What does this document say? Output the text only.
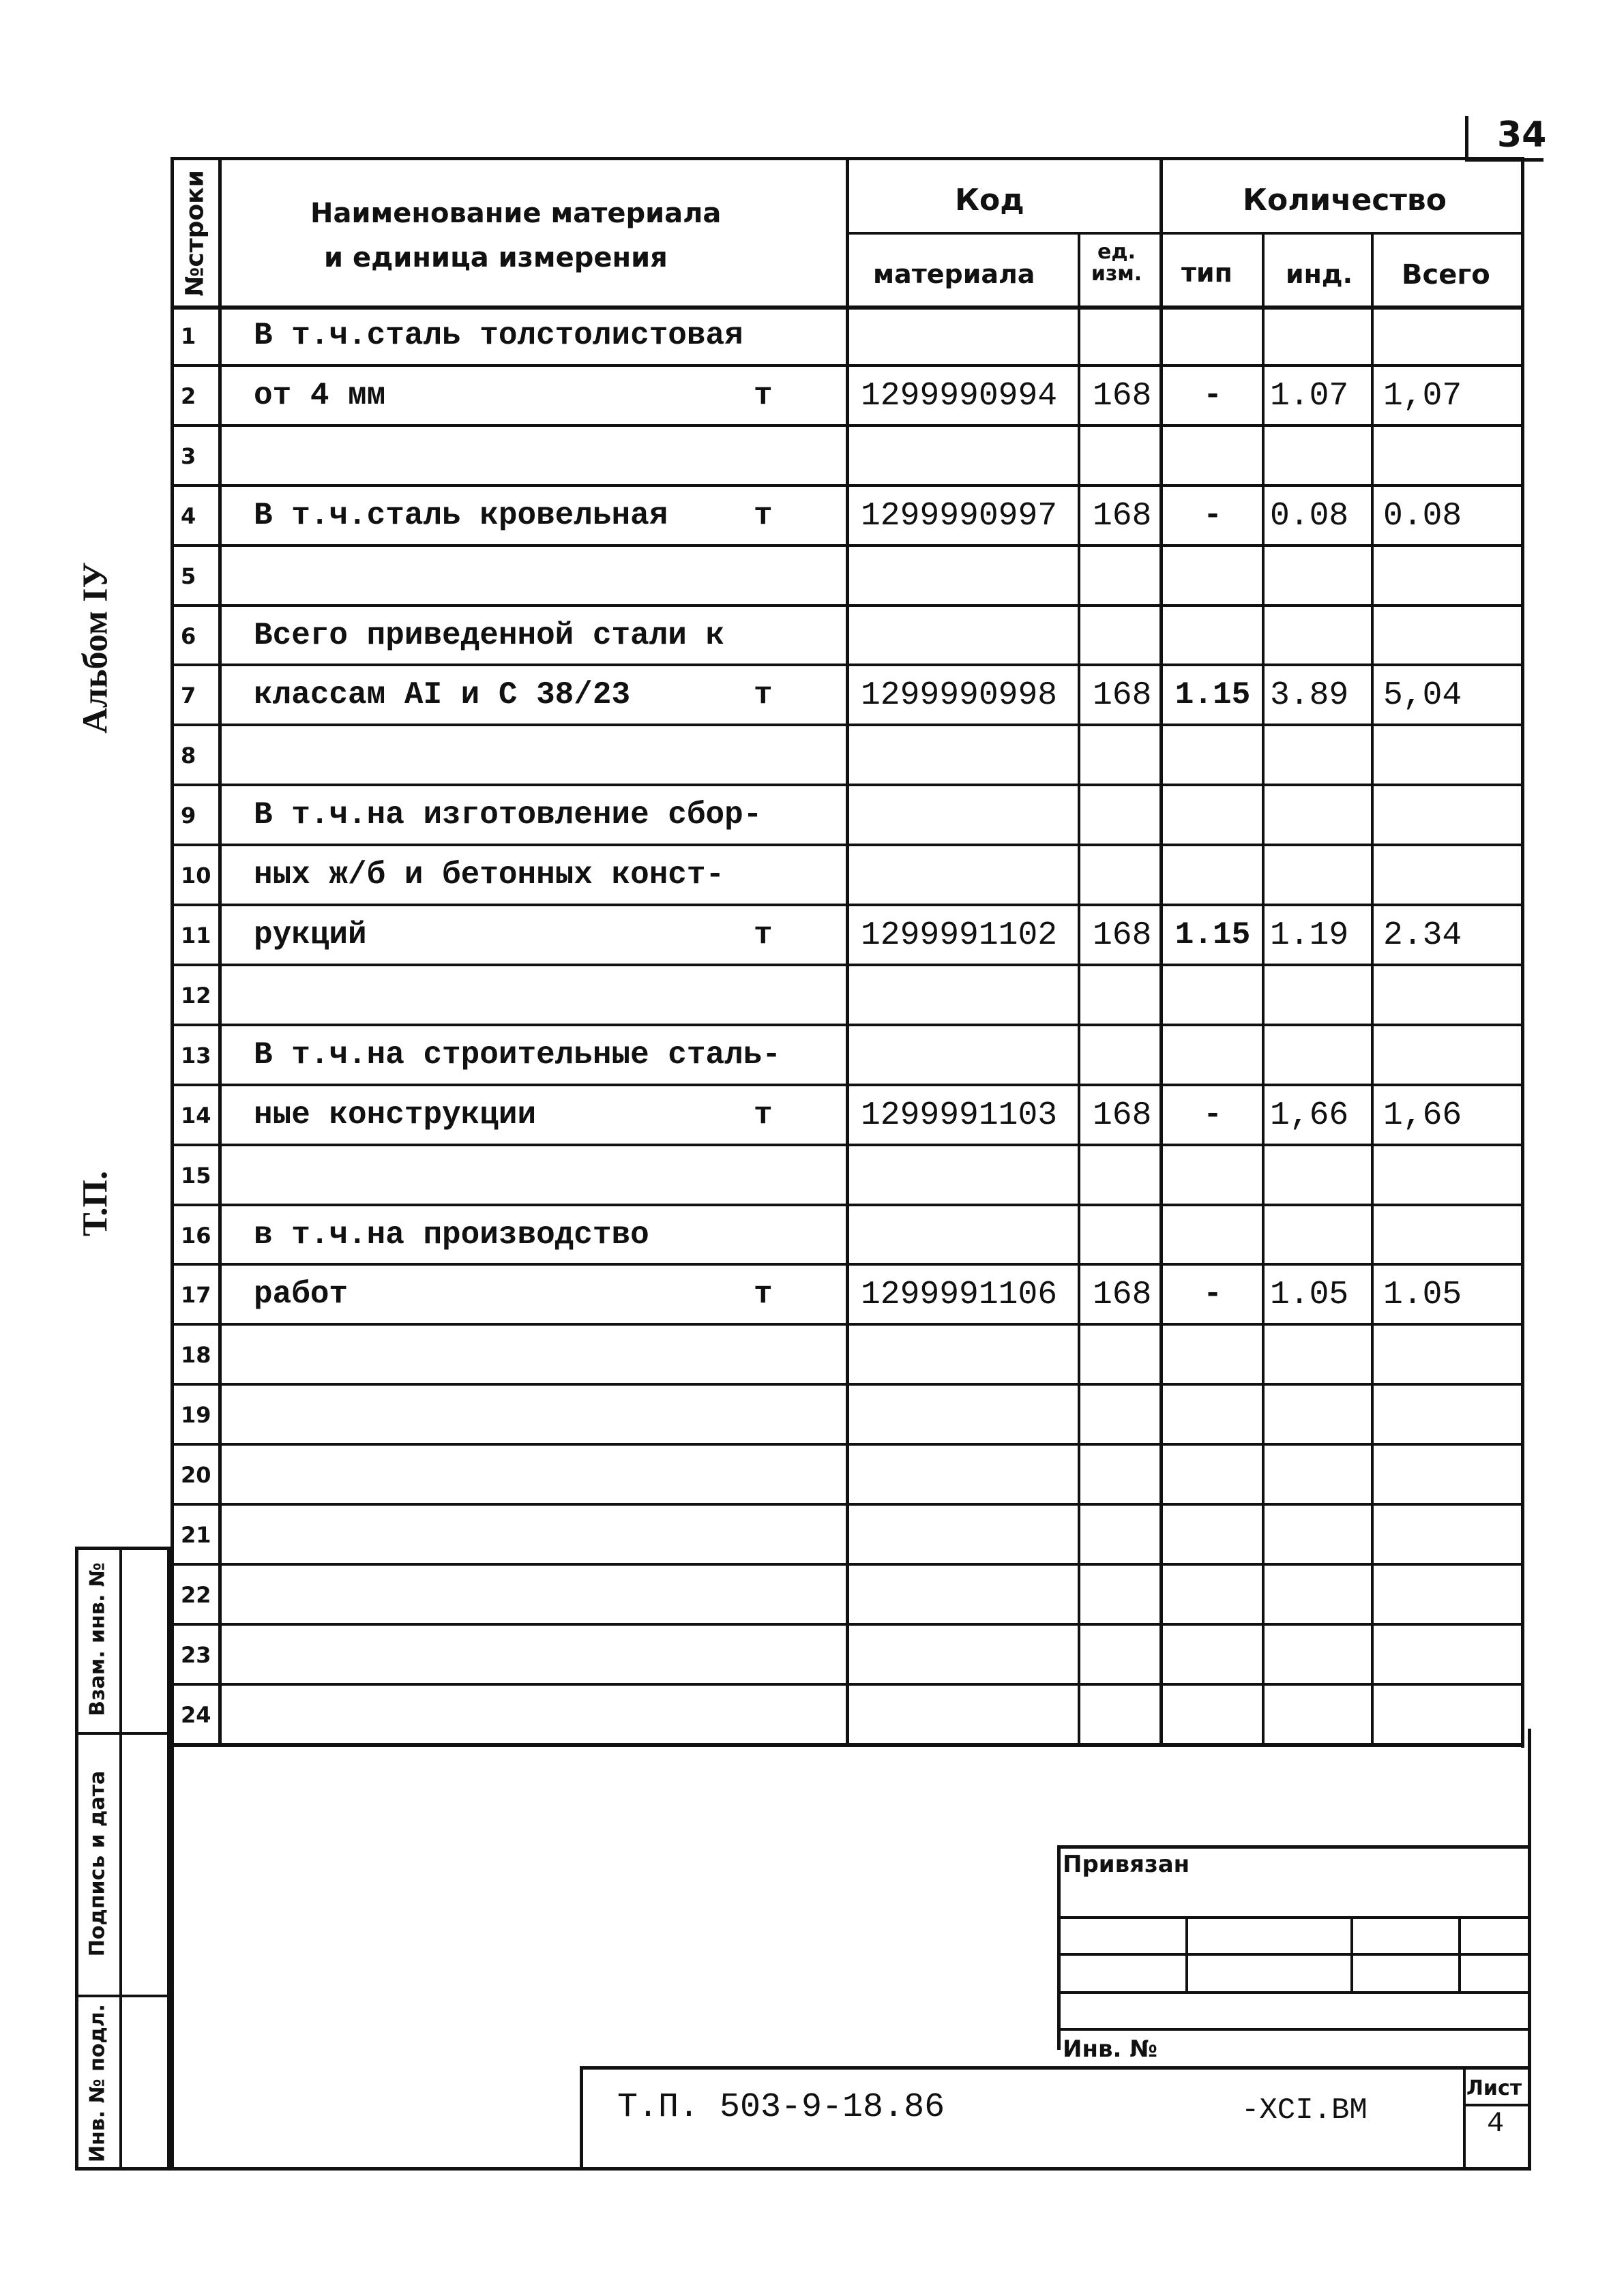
34
Альбом IУ
Т.П.
Взам. инв. №
Подпись и дата
Инв. № подл.
№строки	Наименование материала
и единица измерения
Код
материала
ед. изм.
Количество
тип инд. Всего
1 В т.ч.сталь толстолистовая
2 от 4 мм	т	1299990994 168	-	1.07 1,07
3
4 В т.ч.сталь кровельная	т	1299990997 168	-	0.08 0.08
5
6 Всего приведенной стали к
7 классам АI и С 38/23	т	1299990998 168 1.15 3.89 5,04
8
9 В т.ч.на изготовление сбор-
10 ных ж/б и бетонных конст-
11 рукций	т	1299991102 168 1.15 1.19 2.34
12
13 В т.ч.на строительные сталь-
14 ные конструкции	т	1299991103 168	-	1,66 1,66
15
16 в т.ч.на производство
17 работ	т	1299991106 168	-	1.05 1.05
18
19
20
21
22
23
24
Привязан
Инв. №
Т.П. 503-9-18.86	-ХСI.ВМ
Лист
4
